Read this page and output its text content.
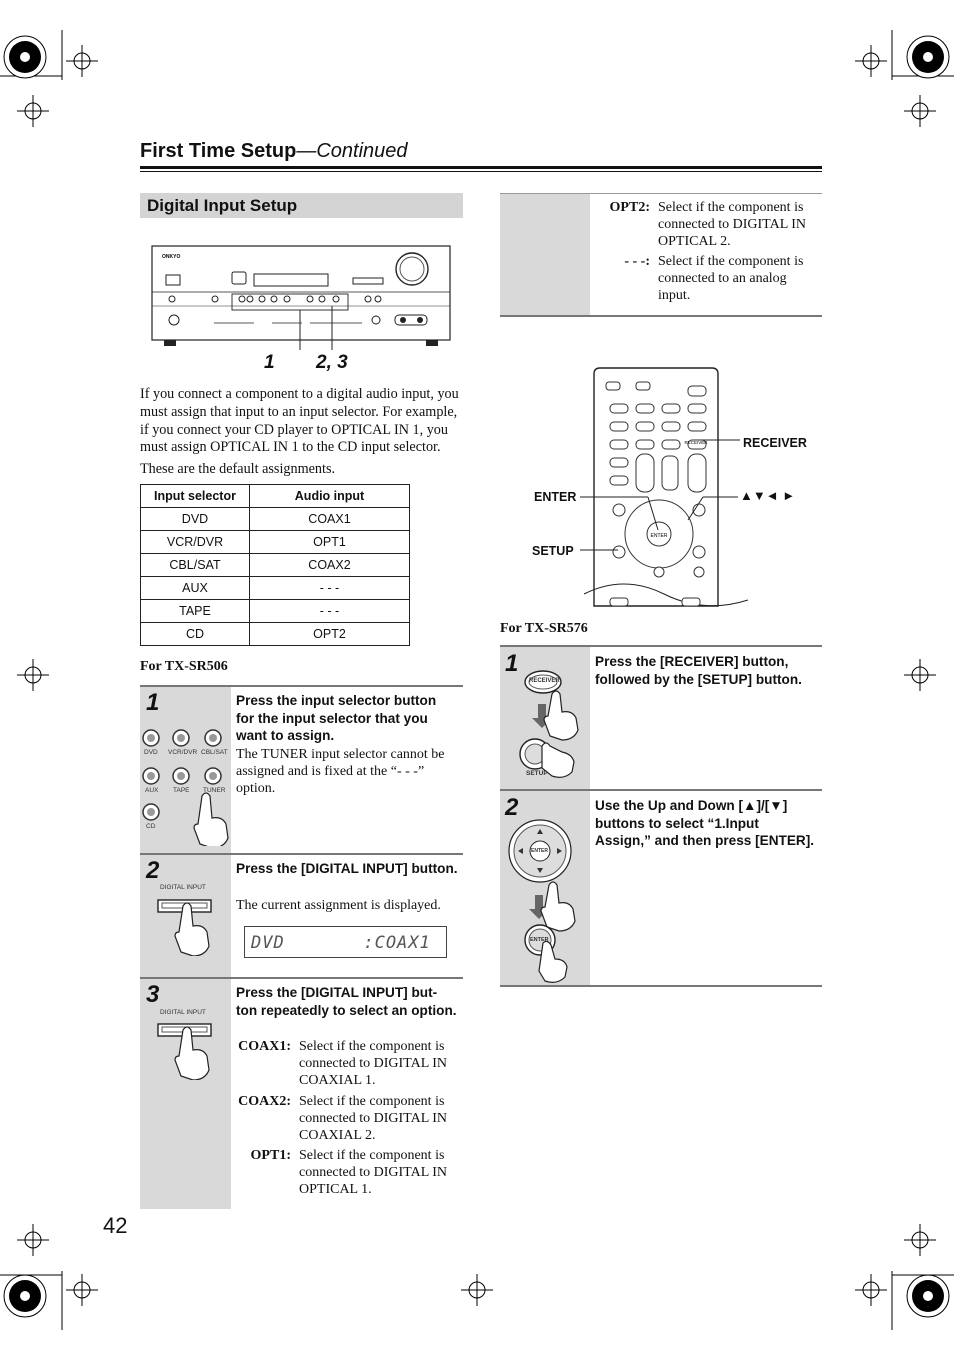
First Time Setup—Continued
Digital Input Setup
ONKYO
1 2, 3
If you connect a component to a digital audio input, you must assign that input to an input selector. For example, if you connect your CD player to OPTICAL IN 1, you must assign OPTICAL IN 1 to the CD input selector.
These are the default assignments.
Input selector	Audio input
DVD	COAX1
VCR/DVR	OPT1
CBL/SAT	COAX2
AUX	- - -
TAPE	- - -
CD	OPT2
For TX-SR506
1
DVD VCR/DVR CBL/SAT
AUX TAPE TUNER
CD
Press the input selector button for the input selector that you want to assign.
The TUNER input selector cannot be assigned and is fixed at the “- - -” option.
2
DIGITAL INPUT
Press the [DIGITAL INPUT] button.
The current assignment is displayed.
DVD       :COAX1
3
DIGITAL INPUT
Press the [DIGITAL INPUT] but-ton repeatedly to select an option.
COAX1: Select if the component is connected to DIGITAL IN COAXIAL 1.
COAX2: Select if the component is connected to DIGITAL IN COAXIAL 2.
OPT1: Select if the component is connected to DIGITAL IN OPTICAL 1.
OPT2: Select if the component is connected to DIGITAL IN OPTICAL 2.
- - -: Select if the component is connected to an analog input.
ENTER
RECEIVER	RECEIVER
ENTER
SETUP
▲▼◄ ►
For TX-SR576
1
RECEIVER
SETUP
Press the [RECEIVER] button, followed by the [SETUP] button.
2
ENTER
ENTER
Use the Up and Down [▲]/[▼] buttons to select “1.Input Assign,” and then press [ENTER].
42
